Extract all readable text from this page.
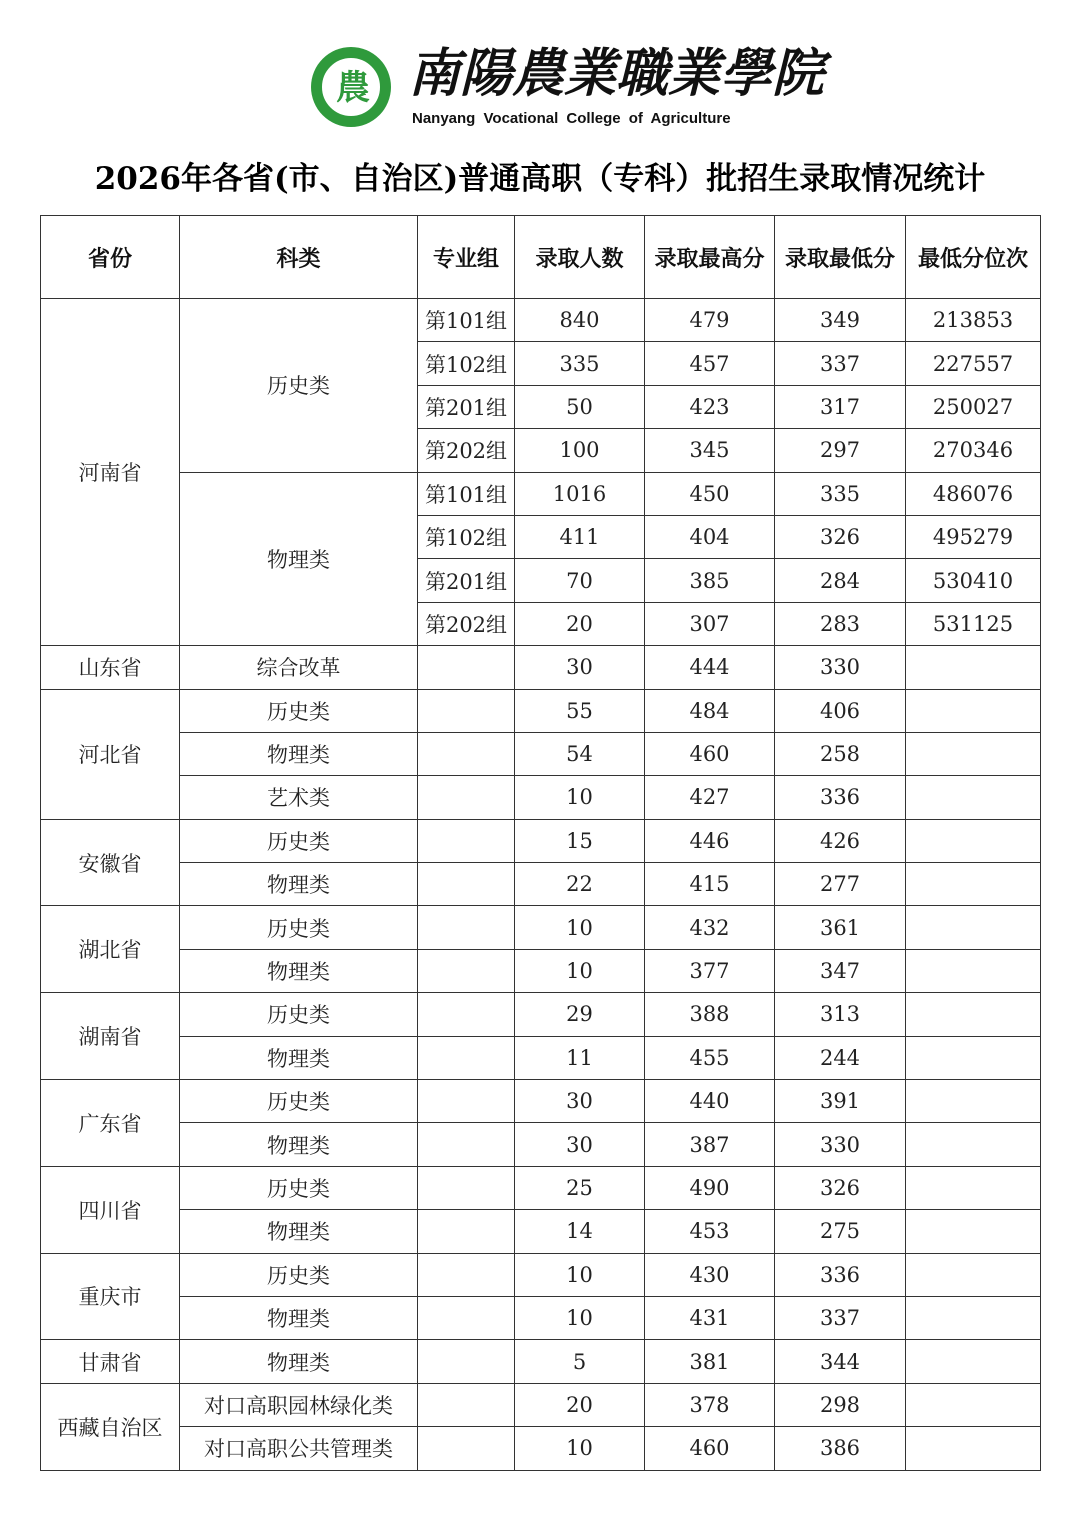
農 南陽農業職業學院
Nanyang Vocational College of Agriculture
2026年各省(市、自治区)普通高职（专科）批招生录取情况统计
省份	科类	专业组	录取人数	录取最高分	录取最低分	最低分位次
河南省	历史类	第101组	840	479	349	213853
		第102组	335	457	337	227557
		第201组	50	423	317	250027
		第202组	100	345	297	270346
	物理类	第101组	1016	450	335	486076
		第102组	411	404	326	495279
		第201组	70	385	284	530410
		第202组	20	307	283	531125
山东省	综合改革		30	444	330	
河北省	历史类		55	484	406	
	物理类		54	460	258	
	艺术类		10	427	336	
安徽省	历史类		15	446	426	
	物理类		22	415	277	
湖北省	历史类		10	432	361	
	物理类		10	377	347	
湖南省	历史类		29	388	313	
	物理类		11	455	244	
广东省	历史类		30	440	391	
	物理类		30	387	330	
四川省	历史类		25	490	326	
	物理类		14	453	275	
重庆市	历史类		10	430	336	
	物理类		10	431	337	
甘肃省	物理类		5	381	344	
西藏自治区	对口高职园林绿化类		20	378	298	
	对口高职公共管理类		10	460	386	
